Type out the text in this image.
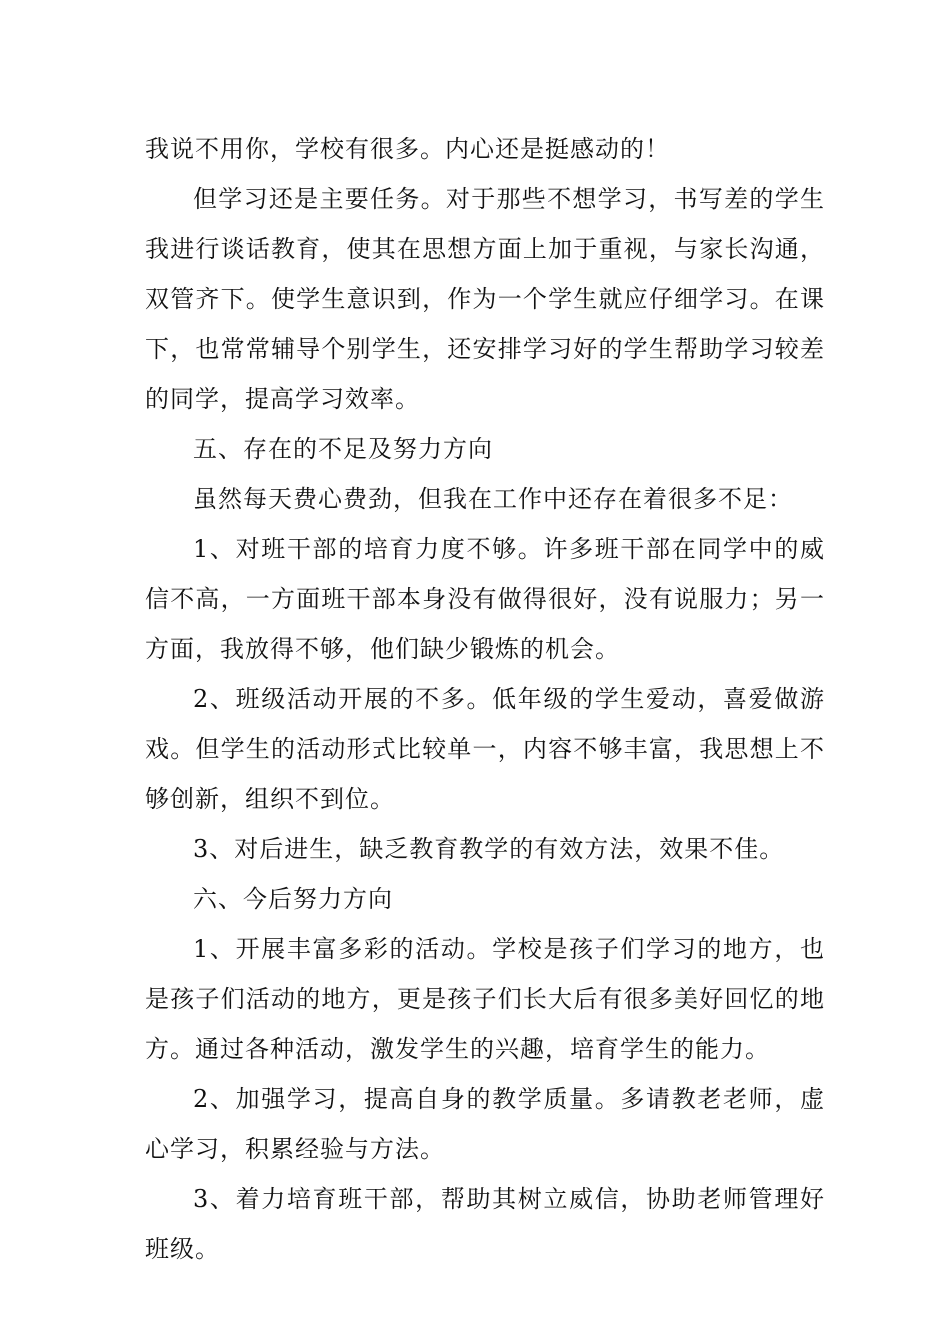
我说不用你，学校有很多。内心还是挺感动的！

但学习还是主要任务。对于那些不想学习，书写差的学生我进行谈话教育，使其在思想方面上加于重视，与家长沟通，双管齐下。使学生意识到，作为一个学生就应仔细学习。在课下，也常常辅导个别学生，还安排学习好的学生帮助学习较差的同学，提高学习效率。

五、存在的不足及努力方向

虽然每天费心费劲，但我在工作中还存在着很多不足：

1、对班干部的培育力度不够。许多班干部在同学中的威信不高，一方面班干部本身没有做得很好，没有说服力；另一方面，我放得不够，他们缺少锻炼的机会。

2、班级活动开展的不多。低年级的学生爱动，喜爱做游戏。但学生的活动形式比较单一，内容不够丰富，我思想上不够创新，组织不到位。

3、对后进生，缺乏教育教学的有效方法，效果不佳。

六、今后努力方向

1、开展丰富多彩的活动。学校是孩子们学习的地方，也是孩子们活动的地方，更是孩子们长大后有很多美好回忆的地方。通过各种活动，激发学生的兴趣，培育学生的能力。

2、加强学习，提高自身的教学质量。多请教老老师，虚心学习，积累经验与方法。

3、着力培育班干部，帮助其树立威信，协助老师管理好班级。
